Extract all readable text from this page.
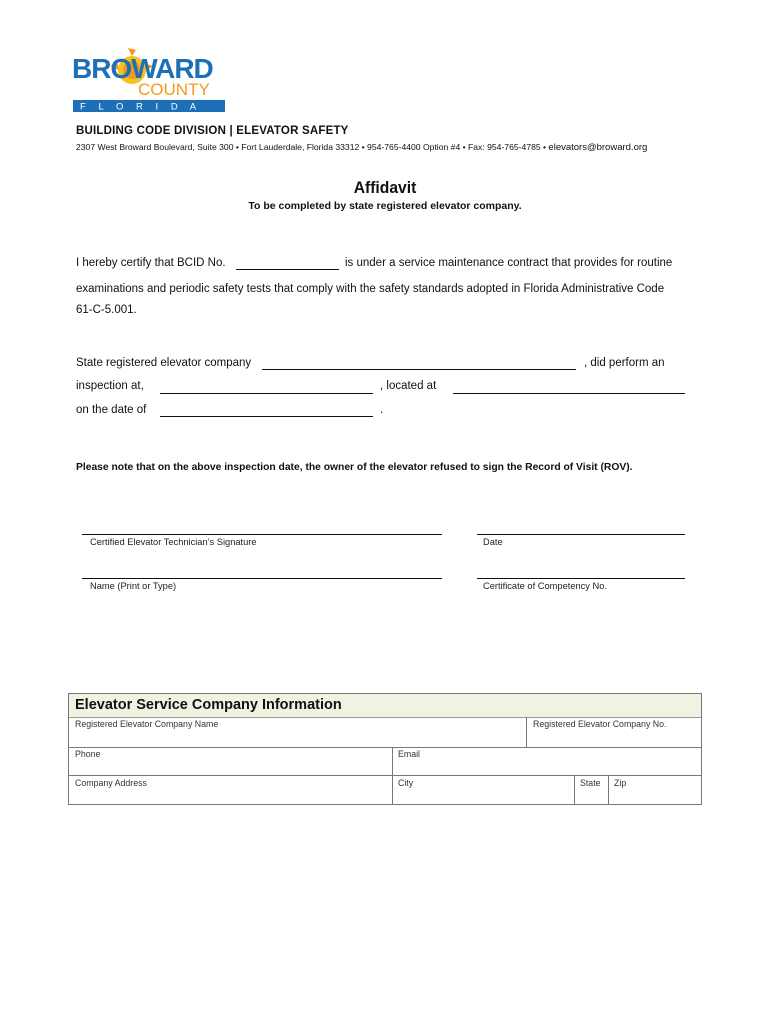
BROWARD
COUNTY
F L O R I D A
BUILDING CODE DIVISION | ELEVATOR SAFETY
2307 West Broward Boulevard, Suite 300 • Fort Lauderdale, Florida 33312 • 954-765-4400 Option #4 • Fax: 954-765-4785 • elevators@broward.org
Affidavit
To be completed by state registered elevator company.
I hereby certify that BCID No.	is under a service maintenance contract that provides for routine
examinations and periodic safety tests that comply with the safety standards adopted in Florida Administrative Code
61-C-5.001.
State registered elevator company	, did perform an
inspection at,	, located at
on the date of	.
Please note that on the above inspection date, the owner of the elevator refused to sign the Record of Visit (ROV).
Certified Elevator Technician’s Signature	Date
Name (Print or Type)	Certificate of Competency No.
Elevator Service Company Information
Registered Elevator Company Name	Registered Elevator Company No.
Phone	Email
Company Address	City	State Zip
